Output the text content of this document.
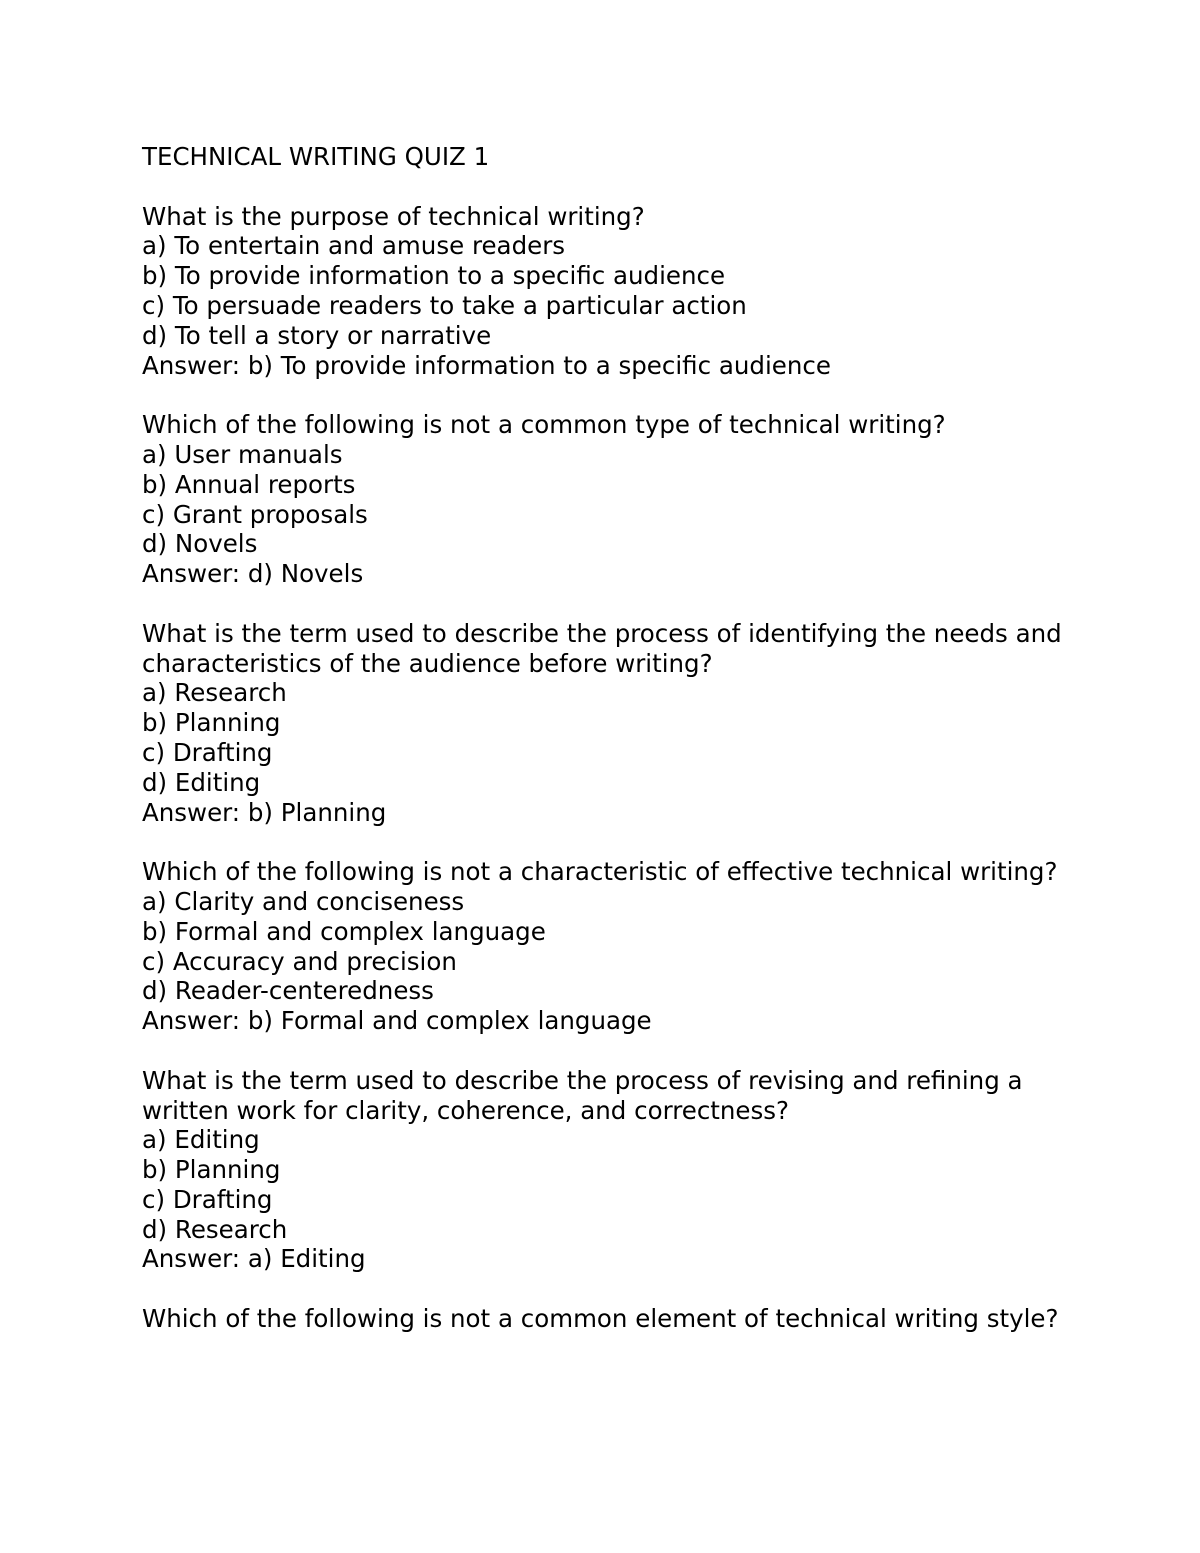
TECHNICAL WRITING QUIZ 1
What is the purpose of technical writing?
a) To entertain and amuse readers
b) To provide information to a specific audience
c) To persuade readers to take a particular action
d) To tell a story or narrative
Answer: b) To provide information to a specific audience
Which of the following is not a common type of technical writing?
a) User manuals
b) Annual reports
c) Grant proposals
d) Novels
Answer: d) Novels
What is the term used to describe the process of identifying the needs and characteristics of the audience before writing?
a) Research
b) Planning
c) Drafting
d) Editing
Answer: b) Planning
Which of the following is not a characteristic of effective technical writing?
a) Clarity and conciseness
b) Formal and complex language
c) Accuracy and precision
d) Reader-centeredness
Answer: b) Formal and complex language
What is the term used to describe the process of revising and refining a written work for clarity, coherence, and correctness?
a) Editing
b) Planning
c) Drafting
d) Research
Answer: a) Editing
Which of the following is not a common element of technical writing style?
